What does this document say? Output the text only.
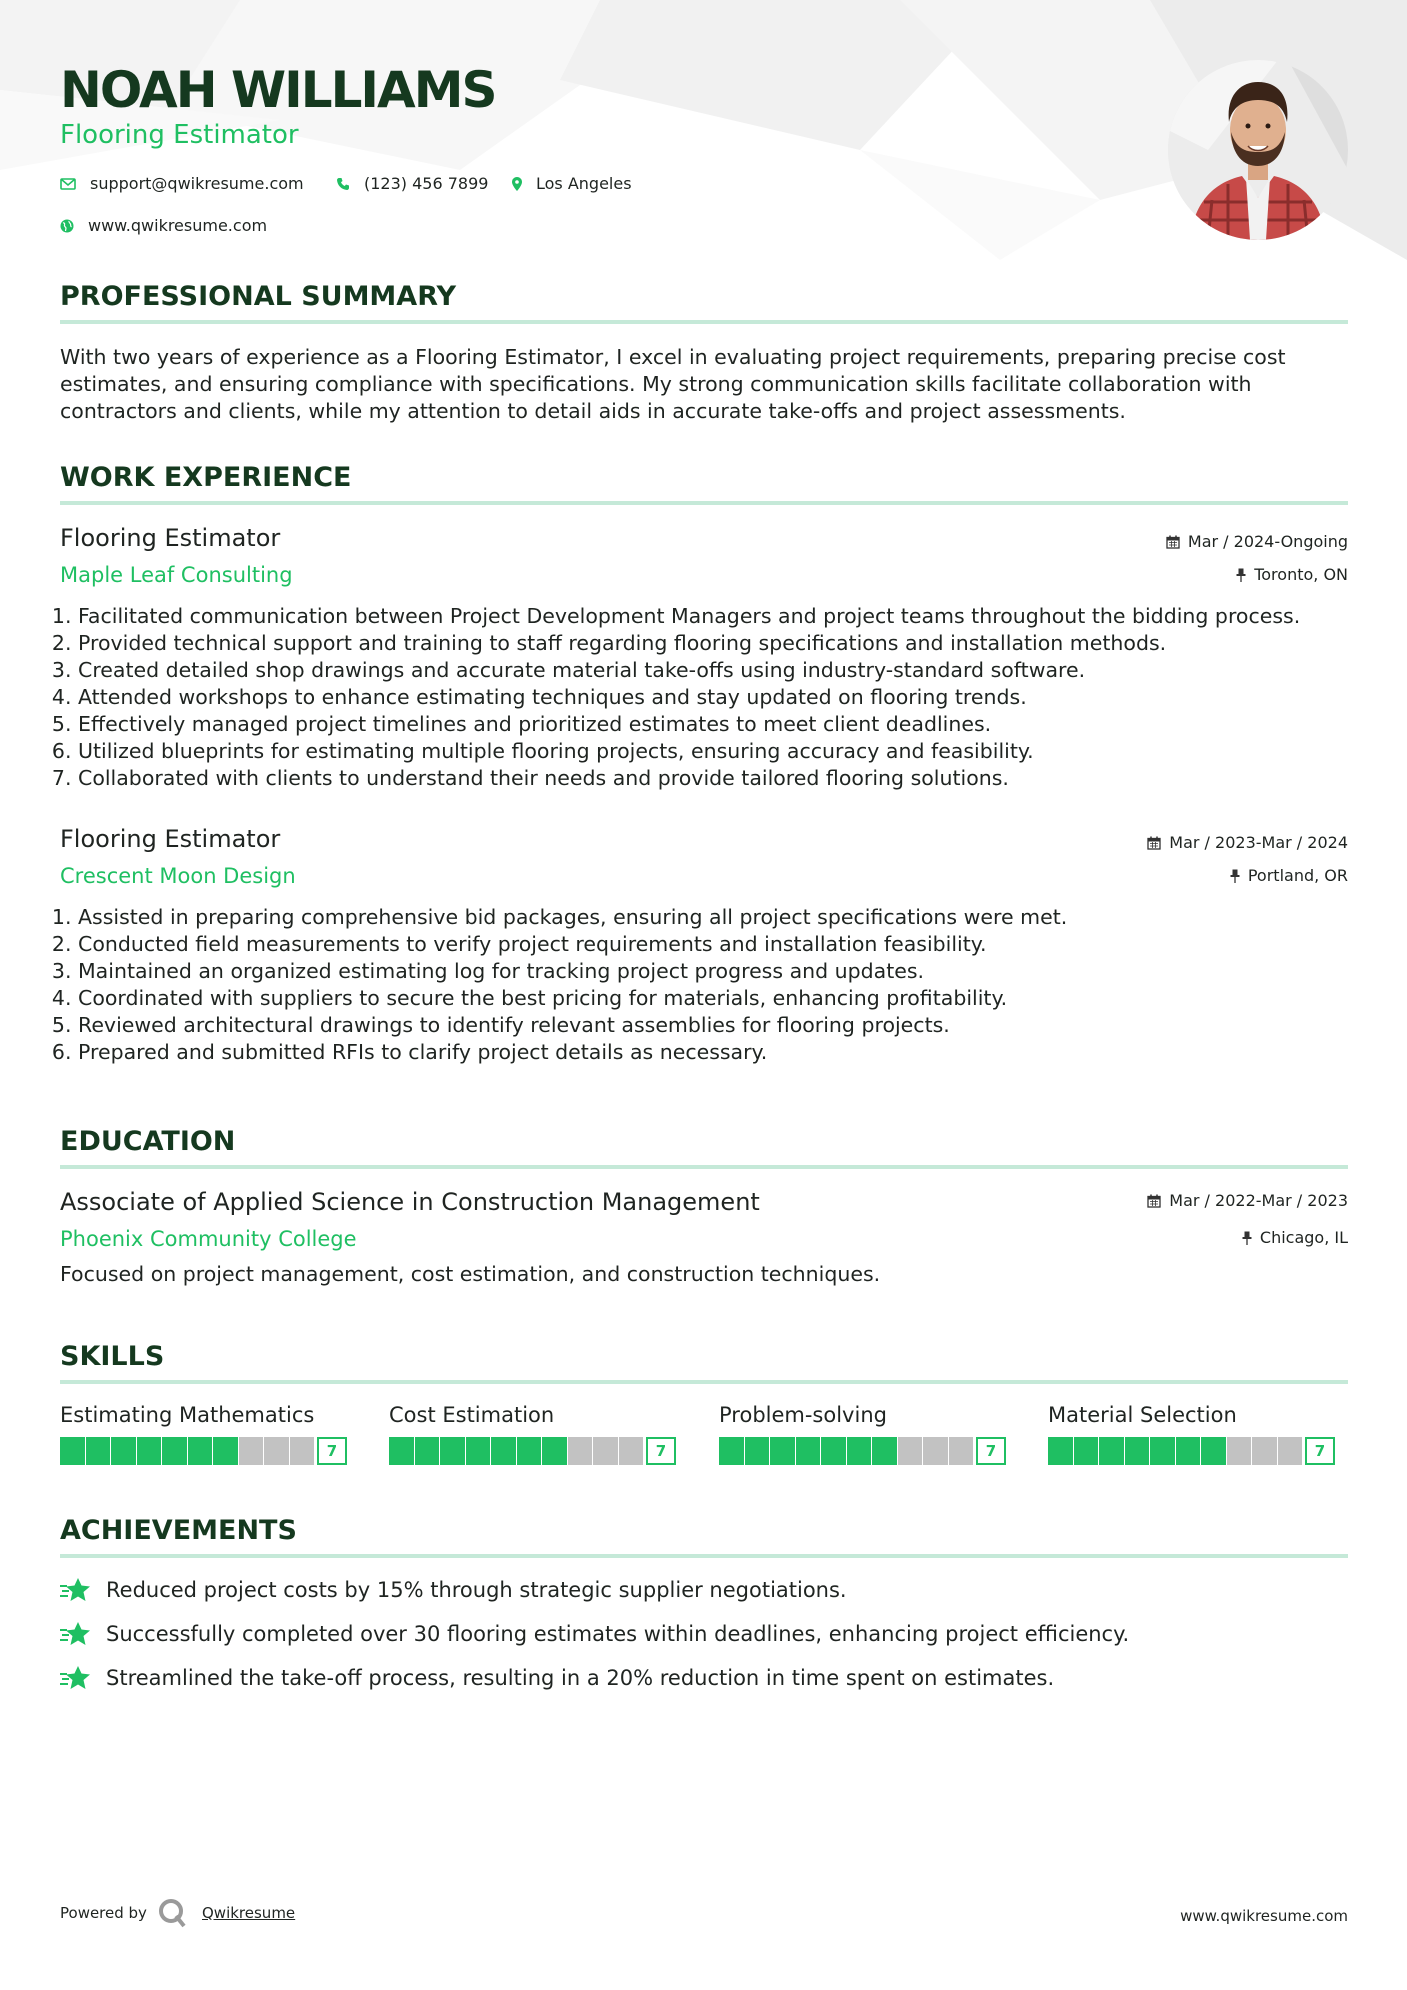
NOAH WILLIAMS
Flooring Estimator
support@qwikresume.com	(123) 456 7899	Los Angeles
www.qwikresume.com
PROFESSIONAL SUMMARY
With two years of experience as a Flooring Estimator, I excel in evaluating project requirements, preparing precise cost
estimates, and ensuring compliance with specifications. My strong communication skills facilitate collaboration with
contractors and clients, while my attention to detail aids in accurate take-offs and project assessments.
WORK EXPERIENCE
Flooring Estimator
Maple Leaf Consulting
Mar / 2024-Ongoing
Toronto, ON
1. Facilitated communication between Project Development Managers and project teams throughout the bidding process.
2. Provided technical support and training to staff regarding flooring specifications and installation methods.
3. Created detailed shop drawings and accurate material take-offs using industry-standard software.
4. Attended workshops to enhance estimating techniques and stay updated on flooring trends.
5. Effectively managed project timelines and prioritized estimates to meet client deadlines.
6. Utilized blueprints for estimating multiple flooring projects, ensuring accuracy and feasibility.
7. Collaborated with clients to understand their needs and provide tailored flooring solutions.
Flooring Estimator
Crescent Moon Design
Mar / 2023-Mar / 2024
Portland, OR
1. Assisted in preparing comprehensive bid packages, ensuring all project specifications were met.
2. Conducted field measurements to verify project requirements and installation feasibility.
3. Maintained an organized estimating log for tracking project progress and updates.
4. Coordinated with suppliers to secure the best pricing for materials, enhancing profitability.
5. Reviewed architectural drawings to identify relevant assemblies for flooring projects.
6. Prepared and submitted RFIs to clarify project details as necessary.
EDUCATION
Associate of Applied Science in Construction Management
Phoenix Community College
Mar / 2022-Mar / 2023
Chicago, IL
Focused on project management, cost estimation, and construction techniques.
SKILLS
Estimating Mathematics
7
Cost Estimation
7
Problem-solving
7
Material Selection
7
ACHIEVEMENTS
Reduced project costs by 15% through strategic supplier negotiations.
Successfully completed over 30 flooring estimates within deadlines, enhancing project efficiency.
Streamlined the take-off process, resulting in a 20% reduction in time spent on estimates.
Powered by	Qwikresume	www.qwikresume.com
